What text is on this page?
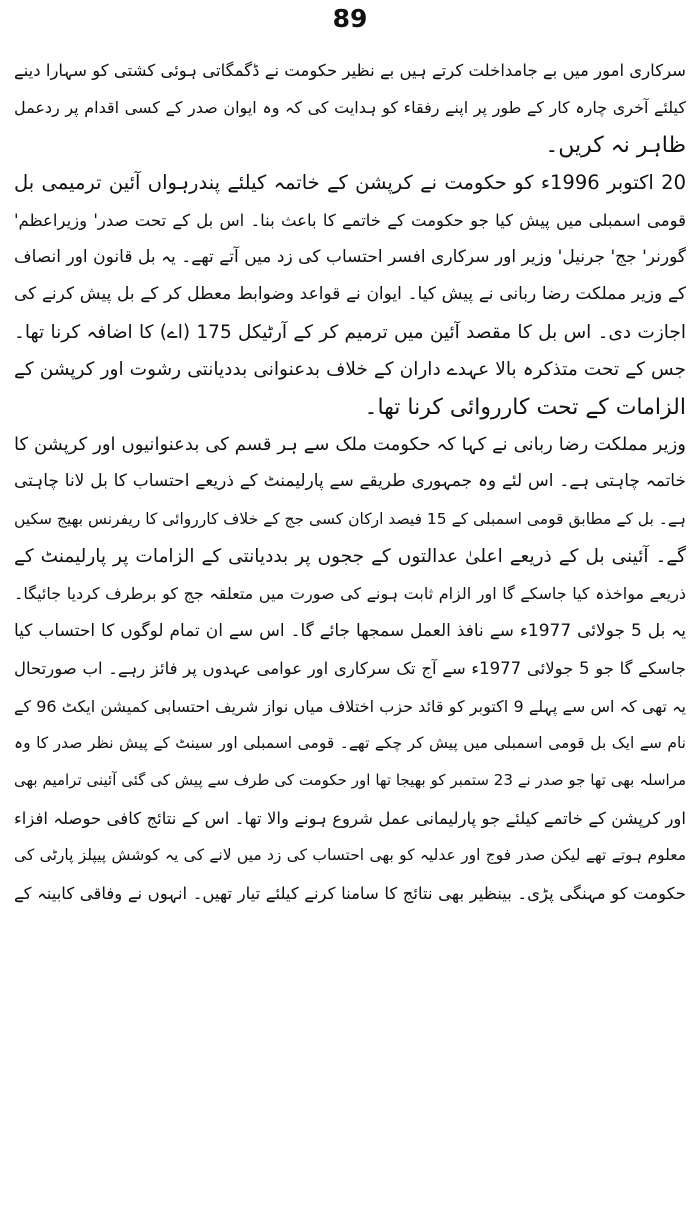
89
سرکاری امور میں بے جامداخلت کرتے ہیں بے نظیر حکومت نے ڈگمگاتی ہوئی کشتی کو سہارا دینے
کیلئے آخری چارہ کار کے طور پر اپنے رفقاء کو ہدایت کی کہ وہ ایوان صدر کے کسی اقدام پر ردعمل
ظاہر نہ کریں۔
20 اکتوبر 1996ء کو حکومت نے کرپشن کے خاتمہ کیلئے پندرہواں آئین ترمیمی بل
قومی اسمبلی میں پیش کیا جو حکومت کے خاتمے کا باعث بنا۔ اس بل کے تحت صدر' وزیراعظم'
گورنر' جج' جرنیل' وزیر اور سرکاری افسر احتساب کی زد میں آتے تھے۔ یہ بل قانون اور انصاف
کے وزیر مملکت رضا ربانی نے پیش کیا۔ ایوان نے قواعد وضوابط معطل کر کے بل پیش کرنے کی
اجازت دی۔ اس بل کا مقصد آئین میں ترمیم کر کے آرٹیکل 175 (اے) کا اضافہ کرنا تھا۔
جس کے تحت متذکرہ بالا عہدے داران کے خلاف بدعنوانی بددیانتی رشوت اور کرپشن کے
الزامات کے تحت کارروائی کرنا تھا۔
وزیر مملکت رضا ربانی نے کہا کہ حکومت ملک سے ہر قسم کی بدعنوانیوں اور کرپشن کا
خاتمہ چاہتی ہے۔ اس لئے وہ جمہوری طریقے سے پارلیمنٹ کے ذریعے احتساب کا بل لانا چاہتی
ہے۔ بل کے مطابق قومی اسمبلی کے 15 فیصد ارکان کسی جج کے خلاف کارروائی کا ریفرنس بھیج سکیں
گے۔ آئینی بل کے ذریعے اعلیٰ عدالتوں کے ججوں پر بددیانتی کے الزامات پر پارلیمنٹ کے
ذریعے مواخذہ کیا جاسکے گا اور الزام ثابت ہونے کی صورت میں متعلقہ جج کو برطرف کردیا جائیگا۔
یہ بل 5 جولائی 1977ء سے نافذ العمل سمجھا جائے گا۔ اس سے ان تمام لوگوں کا احتساب کیا
جاسکے گا جو 5 جولائی 1977ء سے آج تک سرکاری اور عوامی عہدوں پر فائز رہے۔ اب صورتحال
یہ تھی کہ اس سے پہلے 9 اکتوبر کو قائد حزب اختلاف میاں نواز شریف احتسابی کمیشن ایکٹ 96 کے
نام سے ایک بل قومی اسمبلی میں پیش کر چکے تھے۔ قومی اسمبلی اور سینٹ کے پیش نظر صدر کا وہ
مراسلہ بھی تھا جو صدر نے 23 ستمبر کو بھیجا تھا اور حکومت کی طرف سے پیش کی گئی آئینی ترامیم بھی
اور کرپشن کے خاتمے کیلئے جو پارلیمانی عمل شروع ہونے والا تھا۔ اس کے نتائج کافی حوصلہ افزاء
معلوم ہوتے تھے لیکن صدر فوج اور عدلیہ کو بھی احتساب کی زد میں لانے کی یہ کوشش پیپلز پارٹی کی
حکومت کو مہنگی پڑی۔ بینظیر بھی نتائج کا سامنا کرنے کیلئے تیار تھیں۔ انہوں نے وفاقی کابینہ کے
